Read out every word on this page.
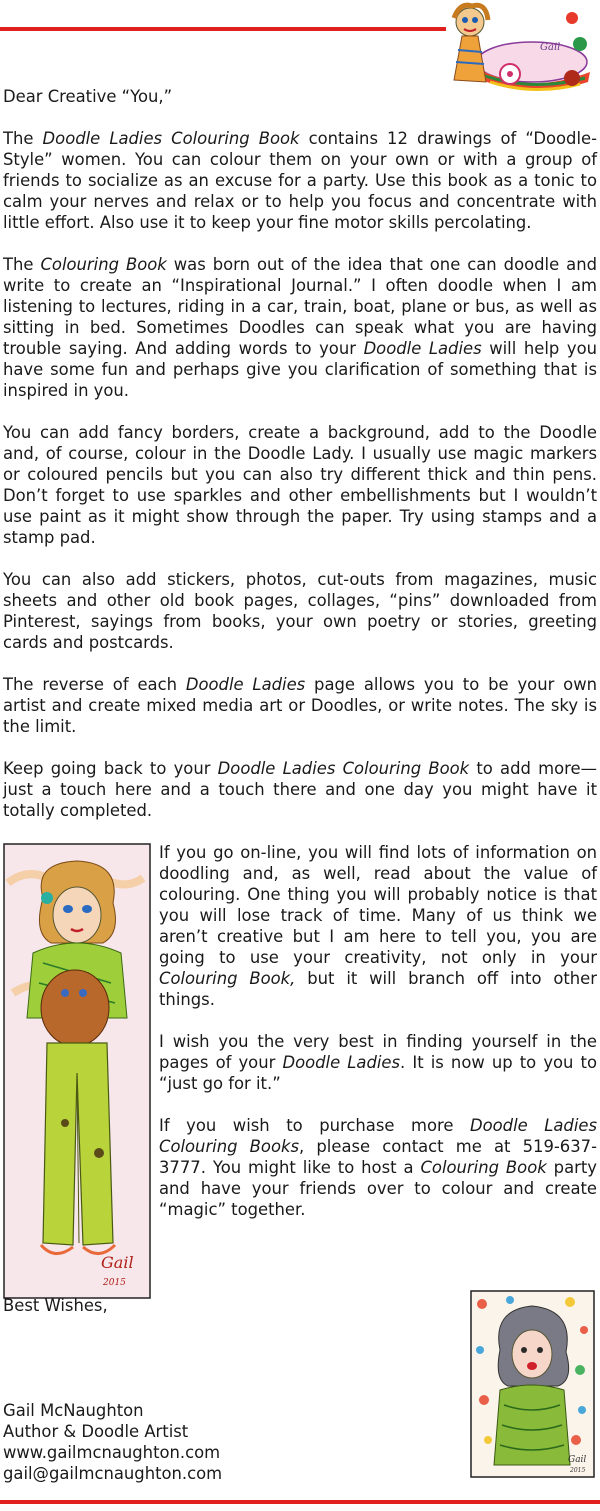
Gail

Dear Creative “You,”

The Doodle Ladies Colouring Book contains 12 drawings of “Doodle-Style” women. You can colour them on your own or with a group of friends to socialize as an excuse for a party. Use this book as a tonic to calm your nerves and relax or to help you focus and concentrate with little effort. Also use it to keep your fine motor skills percolating.

The Colouring Book was born out of the idea that one can doodle and write to create an “Inspirational Journal.” I often doodle when I am listening to lectures, riding in a car, train, boat, plane or bus, as well as sitting in bed. Sometimes Doodles can speak what you are having trouble saying. And adding words to your Doodle Ladies will help you have some fun and perhaps give you clarification of something that is inspired in you.

You can add fancy borders, create a background, add to the Doodle and, of course, colour in the Doodle Lady. I usually use magic markers or coloured pencils but you can also try different thick and thin pens. Don’t forget to use sparkles and other embellishments but I wouldn’t use paint as it might show through the paper. Try using stamps and a stamp pad.

You can also add stickers, photos, cut-outs from magazines, music sheets and other old book pages, collages, “pins” downloaded from Pinterest, sayings from books, your own poetry or stories, greeting cards and postcards.

The reverse of each Doodle Ladies page allows you to be your own artist and create mixed media art or Doodles, or write notes. The sky is the limit.

Keep going back to your Doodle Ladies Colouring Book to add more—just a touch here and a touch there and one day you might have it totally completed.

Gail
2015

If you go on-line, you will find lots of information on doodling and, as well, read about the value of colouring. One thing you will probably notice is that you will lose track of time. Many of us think we aren’t creative but I am here to tell you, you are going to use your creativity, not only in your Colouring Book, but it will branch off into other things.

I wish you the very best in finding yourself in the pages of your Doodle Ladies. It is now up to you to “just go for it.”

If you wish to purchase more Doodle Ladies Colouring Books, please contact me at 519-637-3777. You might like to host a Colouring Book party and have your friends over to colour and create “magic” together.

Best Wishes,
Gail McNaughton
Author & Doodle Artist
www.gailmcnaughton.com
gail@gailmcnaughton.com
Gail
2015
